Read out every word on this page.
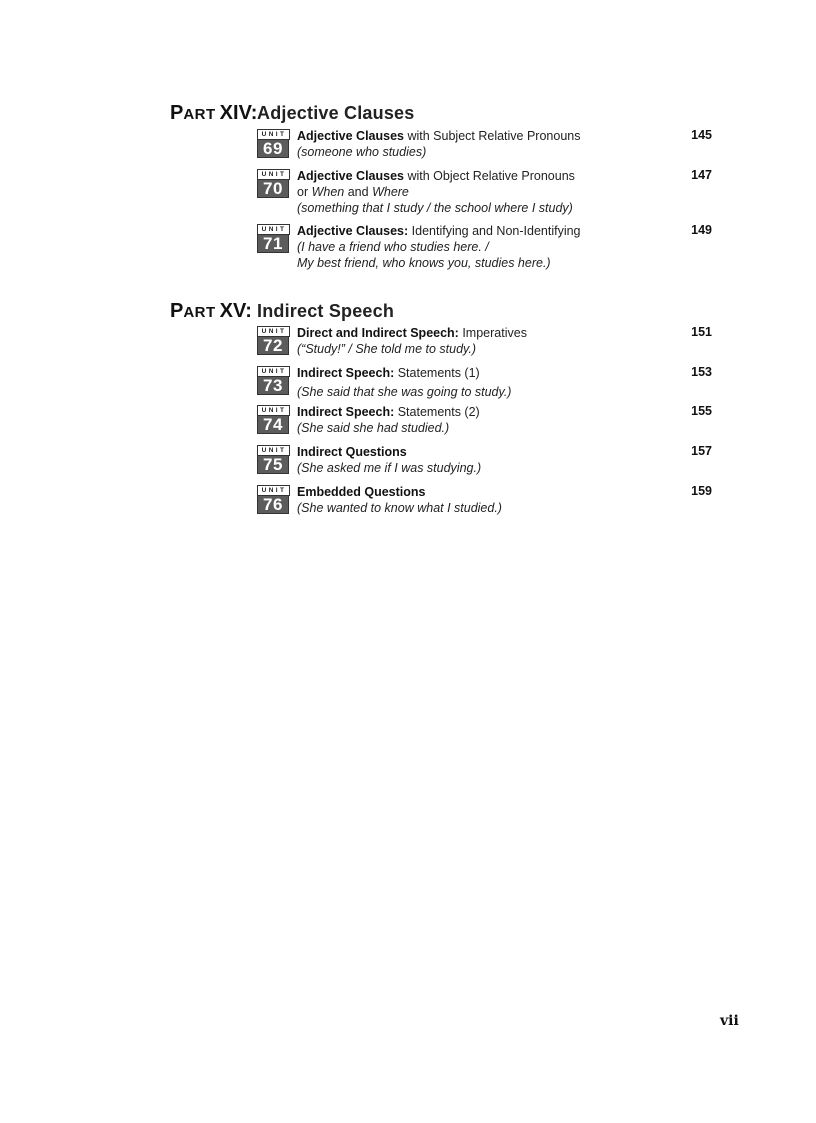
PART XIV: Adjective Clauses
UNIT
69
Adjective Clauses with Subject Relative Pronouns
(someone who studies)
145
UNIT
70
Adjective Clauses with Object Relative Pronouns
or When and Where
(something that I study / the school where I study)
147
UNIT
71
Adjective Clauses: Identifying and Non-Identifying
(I have a friend who studies here. /
My best friend, who knows you, studies here.)
149
PART XV: Indirect Speech
UNIT
72
Direct and Indirect Speech: Imperatives
(“Study!” / She told me to study.)
151
UNIT
73
Indirect Speech: Statements (1)
(She said that she was going to study.)
153
UNIT
74
Indirect Speech: Statements (2)
(She said she had studied.)
155
UNIT
75
Indirect Questions
(She asked me if I was studying.)
157
UNIT
76
Embedded Questions
(She wanted to know what I studied.)
159
vii
